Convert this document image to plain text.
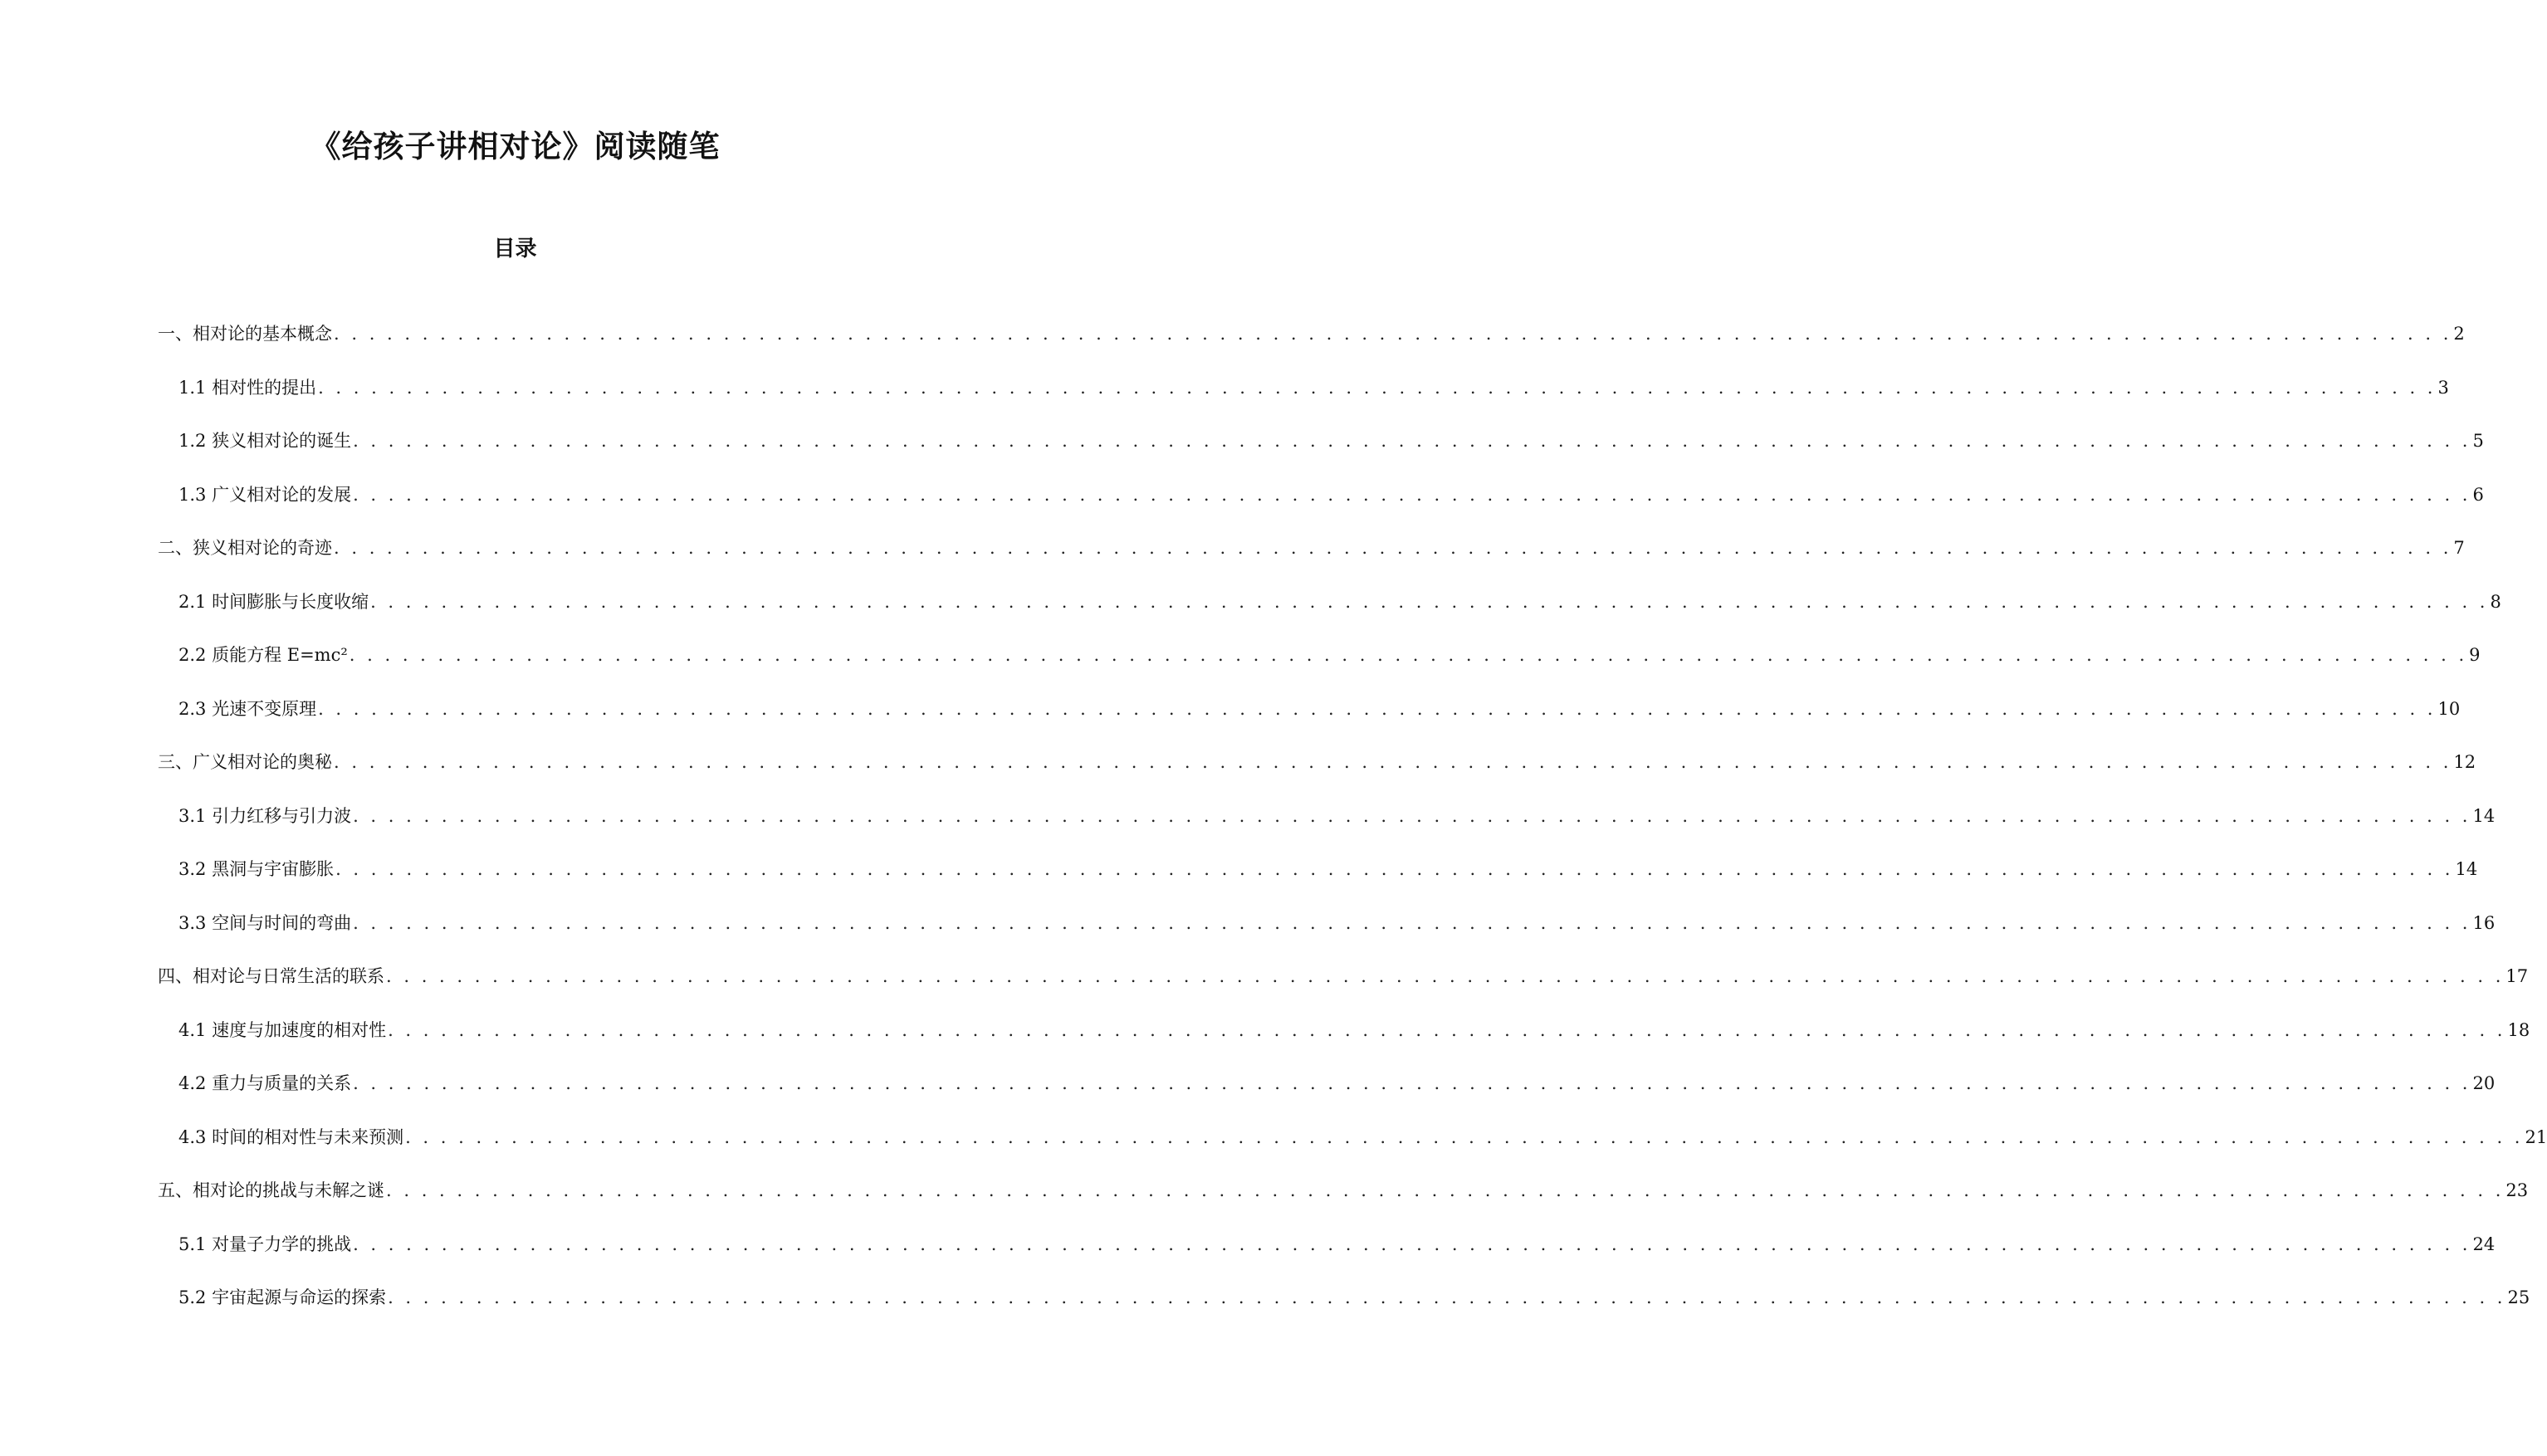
《给孩子讲相对论》阅读随笔
目录
一、相对论的基本概念 . . . . . . . . . . . . . . . . . . . . . . . . . . . . . . . . . . . . . . . . . . . . . . . . . . . . . . . . . . . . . . . . . . . . . . . . . . . . . . . . . . . . . . . . . . . . . . . . . . . . . . . . . . . . . . . . . . . . . . . . 2
1.1 相对性的提出 . . . . . . . . . . . . . . . . . . . . . . . . . . . . . . . . . . . . . . . . . . . . . . . . . . . . . . . . . . . . . . . . . . . . . . . . . . . . . . . . . . . . . . . . . . . . . . . . . . . . . . . . . . . . . . . . . . . . . . . . 3
1.2 狭义相对论的诞生 . . . . . . . . . . . . . . . . . . . . . . . . . . . . . . . . . . . . . . . . . . . . . . . . . . . . . . . . . . . . . . . . . . . . . . . . . . . . . . . . . . . . . . . . . . . . . . . . . . . . . . . . . . . . . . . . . . . . . . . . 5
1.3 广义相对论的发展 . . . . . . . . . . . . . . . . . . . . . . . . . . . . . . . . . . . . . . . . . . . . . . . . . . . . . . . . . . . . . . . . . . . . . . . . . . . . . . . . . . . . . . . . . . . . . . . . . . . . . . . . . . . . . . . . . . . . . . . . 6
二、狭义相对论的奇迹 . . . . . . . . . . . . . . . . . . . . . . . . . . . . . . . . . . . . . . . . . . . . . . . . . . . . . . . . . . . . . . . . . . . . . . . . . . . . . . . . . . . . . . . . . . . . . . . . . . . . . . . . . . . . . . . . . . . . . . . . 7
2.1 时间膨胀与长度收缩 . . . . . . . . . . . . . . . . . . . . . . . . . . . . . . . . . . . . . . . . . . . . . . . . . . . . . . . . . . . . . . . . . . . . . . . . . . . . . . . . . . . . . . . . . . . . . . . . . . . . . . . . . . . . . . . . . . . . . . . . 8
2.2 质能方程 E=mc² . . . . . . . . . . . . . . . . . . . . . . . . . . . . . . . . . . . . . . . . . . . . . . . . . . . . . . . . . . . . . . . . . . . . . . . . . . . . . . . . . . . . . . . . . . . . . . . . . . . . . . . . . . . . . . . . . . . . . . . . 9
2.3 光速不变原理 . . . . . . . . . . . . . . . . . . . . . . . . . . . . . . . . . . . . . . . . . . . . . . . . . . . . . . . . . . . . . . . . . . . . . . . . . . . . . . . . . . . . . . . . . . . . . . . . . . . . . . . . . . . . . . . . . . . . . . . . 10
三、广义相对论的奥秘 . . . . . . . . . . . . . . . . . . . . . . . . . . . . . . . . . . . . . . . . . . . . . . . . . . . . . . . . . . . . . . . . . . . . . . . . . . . . . . . . . . . . . . . . . . . . . . . . . . . . . . . . . . . . . . . . . . . . . . . . 12
3.1 引力红移与引力波 . . . . . . . . . . . . . . . . . . . . . . . . . . . . . . . . . . . . . . . . . . . . . . . . . . . . . . . . . . . . . . . . . . . . . . . . . . . . . . . . . . . . . . . . . . . . . . . . . . . . . . . . . . . . . . . . . . . . . . . . 14
3.2 黑洞与宇宙膨胀 . . . . . . . . . . . . . . . . . . . . . . . . . . . . . . . . . . . . . . . . . . . . . . . . . . . . . . . . . . . . . . . . . . . . . . . . . . . . . . . . . . . . . . . . . . . . . . . . . . . . . . . . . . . . . . . . . . . . . . . . 14
3.3 空间与时间的弯曲 . . . . . . . . . . . . . . . . . . . . . . . . . . . . . . . . . . . . . . . . . . . . . . . . . . . . . . . . . . . . . . . . . . . . . . . . . . . . . . . . . . . . . . . . . . . . . . . . . . . . . . . . . . . . . . . . . . . . . . . . 16
四、相对论与日常生活的联系 . . . . . . . . . . . . . . . . . . . . . . . . . . . . . . . . . . . . . . . . . . . . . . . . . . . . . . . . . . . . . . . . . . . . . . . . . . . . . . . . . . . . . . . . . . . . . . . . . . . . . . . . . . . . . . . . . . . . . . . . 17
4.1 速度与加速度的相对性 . . . . . . . . . . . . . . . . . . . . . . . . . . . . . . . . . . . . . . . . . . . . . . . . . . . . . . . . . . . . . . . . . . . . . . . . . . . . . . . . . . . . . . . . . . . . . . . . . . . . . . . . . . . . . . . . . . . . . . . . 18
4.2 重力与质量的关系 . . . . . . . . . . . . . . . . . . . . . . . . . . . . . . . . . . . . . . . . . . . . . . . . . . . . . . . . . . . . . . . . . . . . . . . . . . . . . . . . . . . . . . . . . . . . . . . . . . . . . . . . . . . . . . . . . . . . . . . . 20
4.3 时间的相对性与未来预测 . . . . . . . . . . . . . . . . . . . . . . . . . . . . . . . . . . . . . . . . . . . . . . . . . . . . . . . . . . . . . . . . . . . . . . . . . . . . . . . . . . . . . . . . . . . . . . . . . . . . . . . . . . . . . . . . . . . . . . . . 21
五、相对论的挑战与未解之谜 . . . . . . . . . . . . . . . . . . . . . . . . . . . . . . . . . . . . . . . . . . . . . . . . . . . . . . . . . . . . . . . . . . . . . . . . . . . . . . . . . . . . . . . . . . . . . . . . . . . . . . . . . . . . . . . . . . . . . . . . 23
5.1 对量子力学的挑战 . . . . . . . . . . . . . . . . . . . . . . . . . . . . . . . . . . . . . . . . . . . . . . . . . . . . . . . . . . . . . . . . . . . . . . . . . . . . . . . . . . . . . . . . . . . . . . . . . . . . . . . . . . . . . . . . . . . . . . . . 24
5.2 宇宙起源与命运的探索 . . . . . . . . . . . . . . . . . . . . . . . . . . . . . . . . . . . . . . . . . . . . . . . . . . . . . . . . . . . . . . . . . . . . . . . . . . . . . . . . . . . . . . . . . . . . . . . . . . . . . . . . . . . . . . . . . . . . . . . . 25
